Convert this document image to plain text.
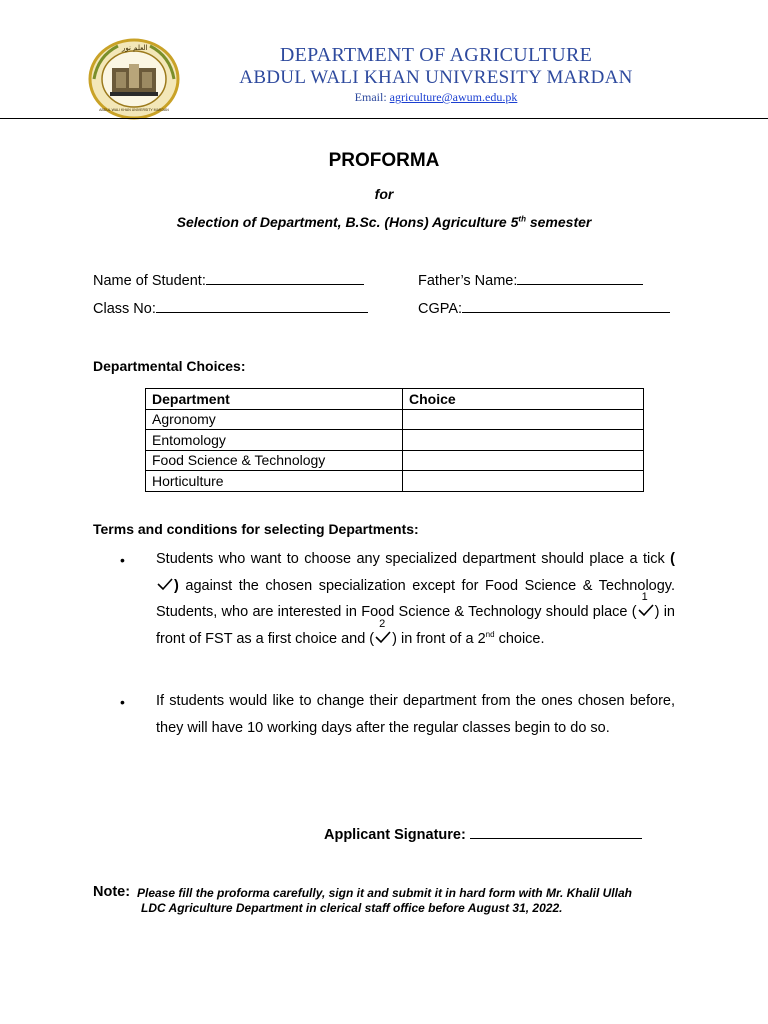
العلم نور
ABDUL WALI KHAN UNIVERSITY MARDAN
DEPARTMENT OF AGRICULTURE
ABDUL WALI KHAN UNIVRESITY MARDAN
Email: agriculture@awum.edu.pk
PROFORMA
for
Selection of Department, B.Sc. (Hons) Agriculture 5th semester
Name of Student:	Father’s Name:
Class No:	CGPA:
Departmental Choices:
Department	Choice
Agronomy	
Entomology	
Food Science & Technology	
Horticulture	
Terms and conditions for selecting Departments:
• Students who want to choose any specialized department should place a tick () against the chosen specialization except for Food Science & Technology. Students, who are interested in Food Science & Technology should place (
1
) in front of FST as a first choice and (
2
) in front of a 2nd choice.
• If students would like to change their department from the ones chosen before, they will have 10 working days after the regular classes begin to do so.
Applicant Signature:
Note: Please fill the proforma carefully, sign it and submit it in hard form with Mr. Khalil Ullah
LDC Agriculture Department in clerical staff office before August 31, 2022.
